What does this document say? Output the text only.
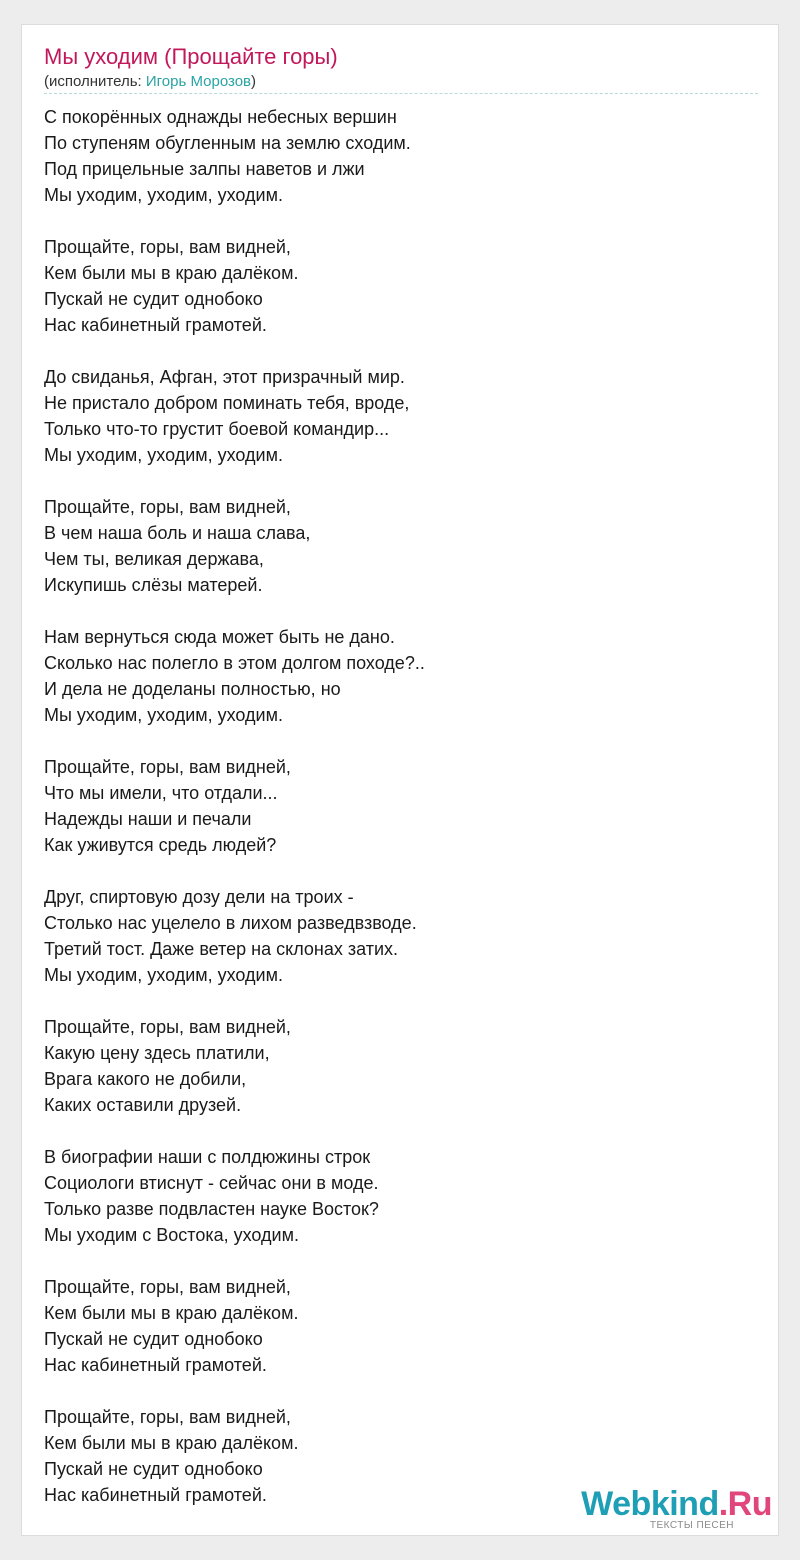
Мы уходим (Прощайте горы)
(исполнитель: Игорь Морозов)
С покорённых однажды небесных вершин
По ступеням обугленным на землю сходим.
Под прицельные залпы наветов и лжи
Мы уходим, уходим, уходим.
Прощайте, горы, вам видней,
Кем были мы в краю далёком.
Пускай не судит однобоко
Нас кабинетный грамотей.
До свиданья, Афган, этот призрачный мир.
Не пристало добром поминать тебя, вроде,
Только что-то грустит боевой командир...
Мы уходим, уходим, уходим.
Прощайте, горы, вам видней,
В чем наша боль и наша слава,
Чем ты, великая держава,
Искупишь слёзы матерей.
Нам вернуться сюда может быть не дано.
Сколько нас полегло в этом долгом походе?..
И дела не доделаны полностью, но
Мы уходим, уходим, уходим.
Прощайте, горы, вам видней,
Что мы имели, что отдали...
Надежды наши и печали
Как уживутся средь людей?
Друг, спиртовую дозу дели на троих -
Столько нас уцелело в лихом разведвзводе.
Третий тост. Даже ветер на склонах затих.
Мы уходим, уходим, уходим.
Прощайте, горы, вам видней,
Какую цену здесь платили,
Врага какого не добили,
Каких оставили друзей.
В биографии наши с полдюжины строк
Социологи втиснут - сейчас они в моде.
Только разве подвластен науке Восток?
Мы уходим с Востока, уходим.
Прощайте, горы, вам видней,
Кем были мы в краю далёком.
Пускай не судит однобоко
Нас кабинетный грамотей.
Прощайте, горы, вам видней,
Кем были мы в краю далёком.
Пускай не судит однобоко
Нас кабинетный грамотей.	Webkind.Ru
ТЕКСТЫ ПЕСЕН
